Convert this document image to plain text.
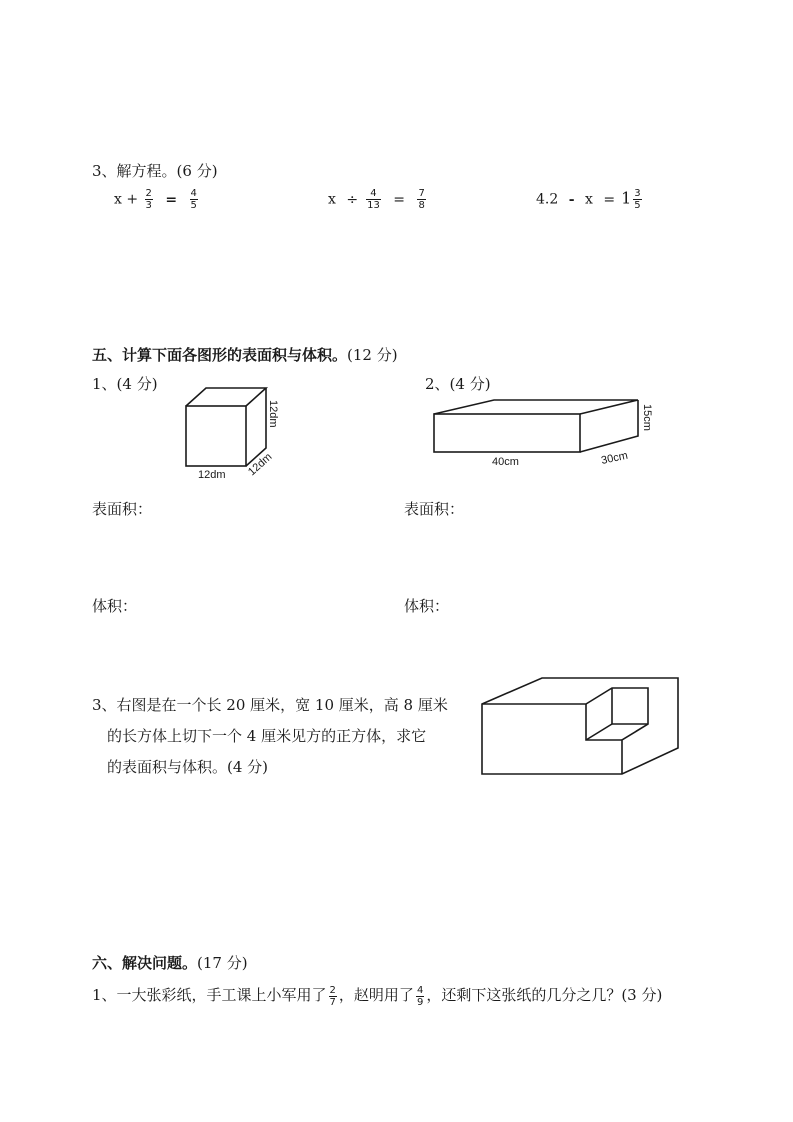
3、解方程。(6 分)
$x + \frac{2}{3} = \frac{4}{5}$	$x \div \frac{4}{13} = \frac{7}{8}$	$4.2 - x = 1 \frac{3}{5}$
五、计算下面各图形的表面积与体积。(12 分)
1、(4 分)	2、(4 分)
12dm
12dm
12dm	40cm	30cm
15cm
表面积：	表面积：
体积：	体积：
3、右图是在一个长 20 厘米，宽 10 厘米，高 8 厘米
的长方体上切下一个 4 厘米见方的正方体，求它
的表面积与体积。(4 分)
六、解决问题。(17 分)
1、一大张彩纸，手工课上小军用了 $\frac{2}{7}$ ，赵明用了 $\frac{4}{9}$ ，还剩下这张纸的几分之几？(3 分)
